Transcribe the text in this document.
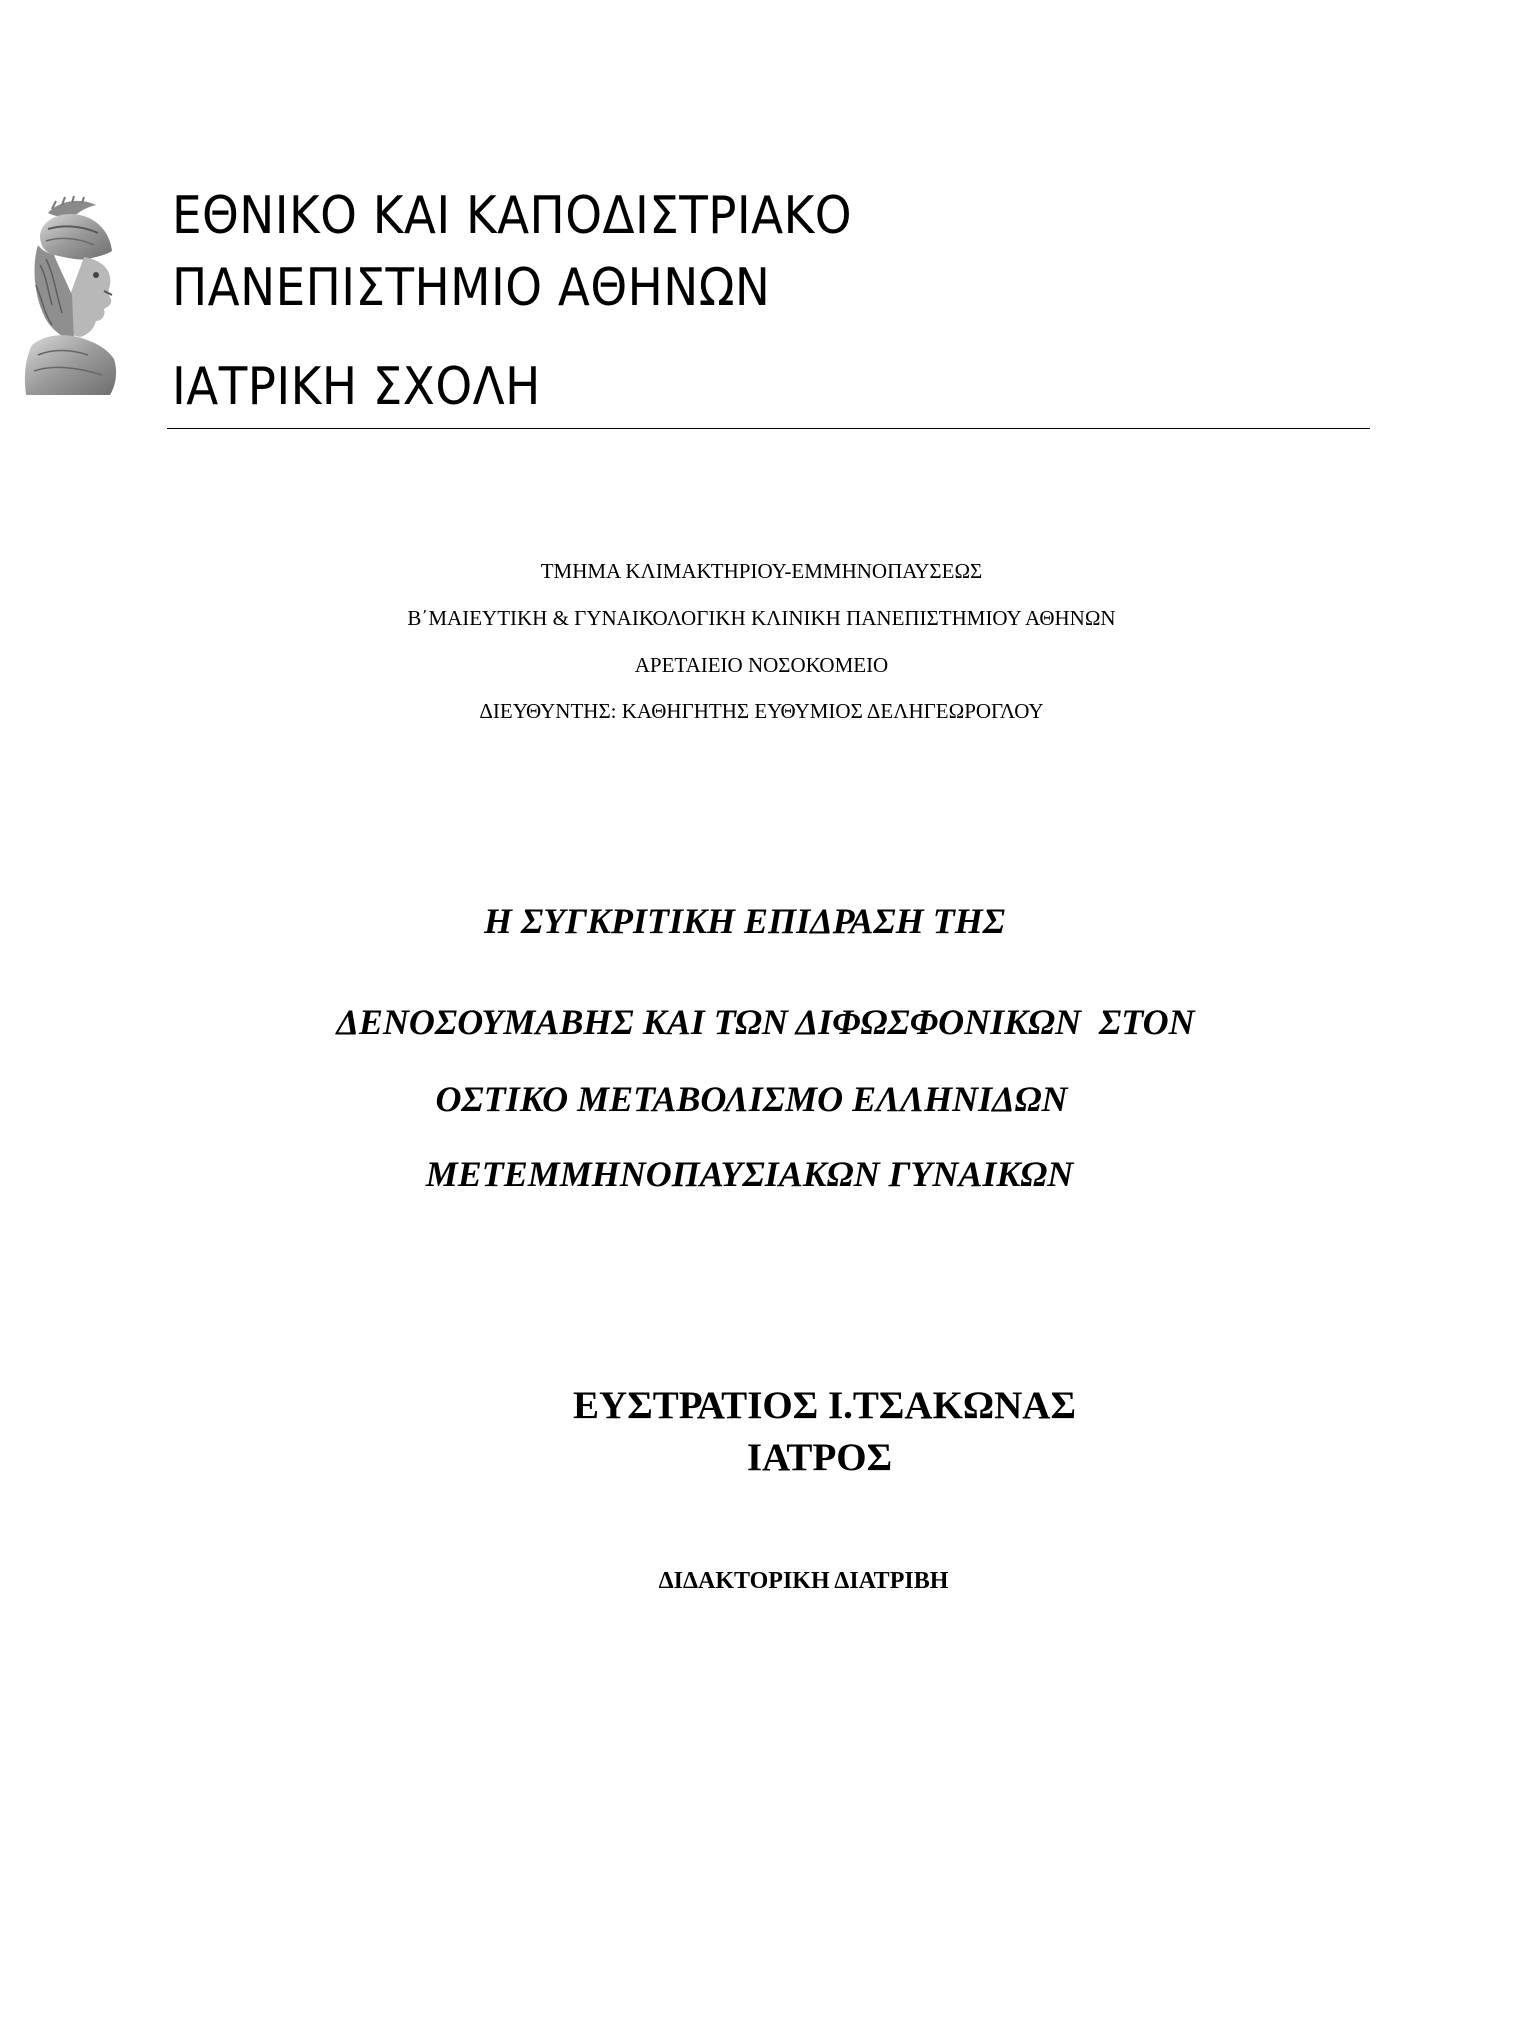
ΕΘΝΙΚΟ ΚΑΙ ΚΑΠΟΔΙΣΤΡΙΑΚΟ
ΠΑΝΕΠΙΣΤΗΜΙΟ ΑΘΗΝΩΝ
ΙΑΤΡΙΚΗ ΣΧΟΛΗ
ΤΜΗΜΑ ΚΛΙΜΑΚΤΗΡΙΟΥ-ΕΜΜΗΝΟΠΑΥΣΕΩΣ
Β΄ΜΑΙΕΥΤΙΚΗ & ΓΥΝΑΙΚΟΛΟΓΙΚΗ ΚΛΙΝΙΚΗ ΠΑΝΕΠΙΣΤΗΜΙΟΥ ΑΘΗΝΩΝ
ΑΡΕΤΑΙΕΙΟ ΝΟΣΟΚΟΜΕΙΟ
ΔΙΕΥΘΥΝΤΗΣ: ΚΑΘΗΓΗΤΗΣ ΕΥΘΥΜΙΟΣ ΔΕΛΗΓΕΩΡΟΓΛΟΥ
Η ΣΥΓΚΡΙΤΙΚΗ ΕΠΙΔΡΑΣΗ ΤΗΣ
ΔΕΝΟΣΟΥΜΑΒΗΣ ΚΑΙ ΤΩΝ ΔΙΦΩΣΦΟΝΙΚΩΝ  ΣΤΟΝ
ΟΣΤΙΚΟ ΜΕΤΑΒΟΛΙΣΜΟ ΕΛΛΗΝΙΔΩΝ
ΜΕΤΕΜΜΗΝΟΠΑΥΣΙΑΚΩΝ ΓΥΝΑΙΚΩΝ
ΕΥΣΤΡΑΤΙΟΣ Ι.ΤΣΑΚΩΝΑΣ
ΙΑΤΡΟΣ
ΔΙΔΑΚΤΟΡΙΚΗ ΔΙΑΤΡΙΒΗ
